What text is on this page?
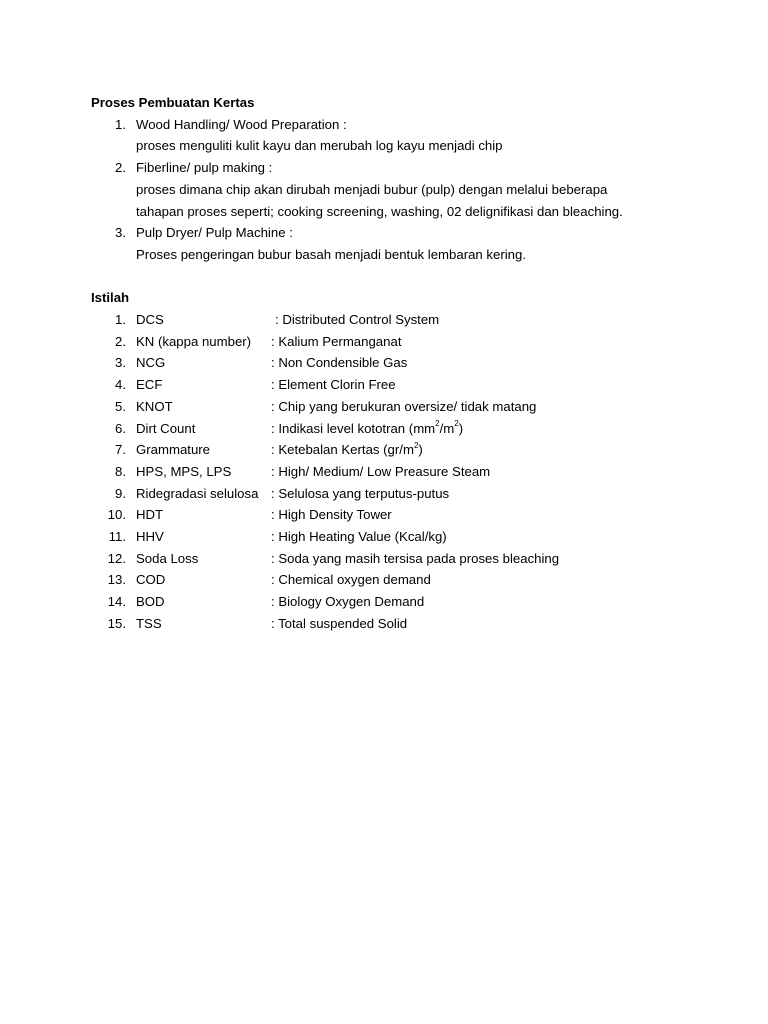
Proses Pembuatan Kertas

1. Wood Handling/ Wood Preparation :
proses menguliti kulit kayu dan merubah log kayu menjadi chip
2. Fiberline/ pulp making :
proses dimana chip akan dirubah menjadi bubur (pulp) dengan melalui beberapa
tahapan proses seperti; cooking screening, washing, 02 delignifikasi dan bleaching.
3. Pulp Dryer/ Pulp Machine :
Proses pengeringan bubur basah menjadi bentuk lembaran kering.

Istilah

1. DCS	: Distributed Control System
2. KN (kappa number)	: Kalium Permanganat
3. NCG	: Non Condensible Gas
4. ECF	: Element Clorin Free
5. KNOT	: Chip yang berukuran oversize/ tidak matang
6. Dirt Count	: Indikasi level kototran $(mm^2/m^2)$
7. Grammature	: Ketebalan Kertas $(gr/m^2)$
8. HPS, MPS, LPS	: High/ Medium/ Low Preasure Steam
9. Ridegradasi selulosa : Selulosa yang terputus-putus
10. HDT	: High Density Tower
11. HHV	: High Heating Value (Kcal/kg)
12. Soda Loss	: Soda yang masih tersisa pada proses bleaching
13. COD	: Chemical oxygen demand
14. BOD	: Biology Oxygen Demand
15. TSS	: Total suspended Solid
